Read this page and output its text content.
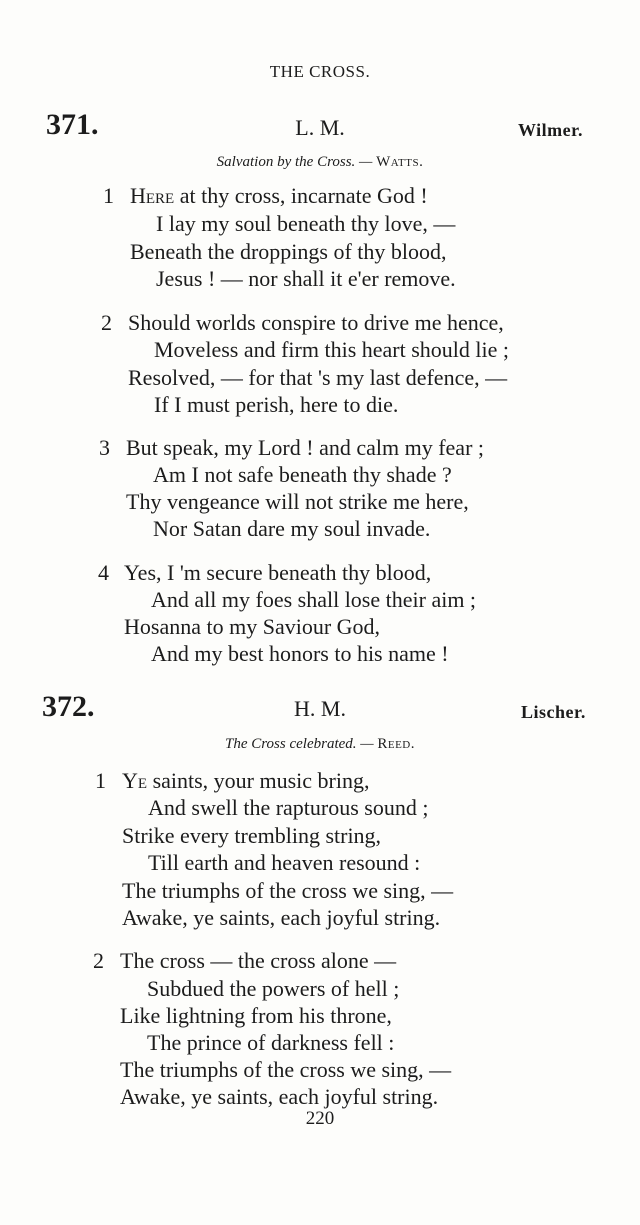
THE CROSS.
371.	L. M.	Wilmer.
Salvation by the Cross. — Watts.
1 Here at thy cross, incarnate God !
I lay my soul beneath thy love, —
Beneath the droppings of thy blood,
Jesus ! — nor shall it e'er remove.
2 Should worlds conspire to drive me hence,
Moveless and firm this heart should lie ;
Resolved, — for that 's my last defence, —
If I must perish, here to die.
3 But speak, my Lord ! and calm my fear ;
Am I not safe beneath thy shade ?
Thy vengeance will not strike me here,
Nor Satan dare my soul invade.
4 Yes, I 'm secure beneath thy blood,
And all my foes shall lose their aim ;
Hosanna to my Saviour God,
And my best honors to his name !
372.	H. M.	Lischer.
The Cross celebrated. — Reed.
1 Ye saints, your music bring,
And swell the rapturous sound ;
Strike every trembling string,
Till earth and heaven resound :
The triumphs of the cross we sing, —
Awake, ye saints, each joyful string.
2 The cross — the cross alone —
Subdued the powers of hell ;
Like lightning from his throne,
The prince of darkness fell :
The triumphs of the cross we sing, —
Awake, ye saints, each joyful string.
220
